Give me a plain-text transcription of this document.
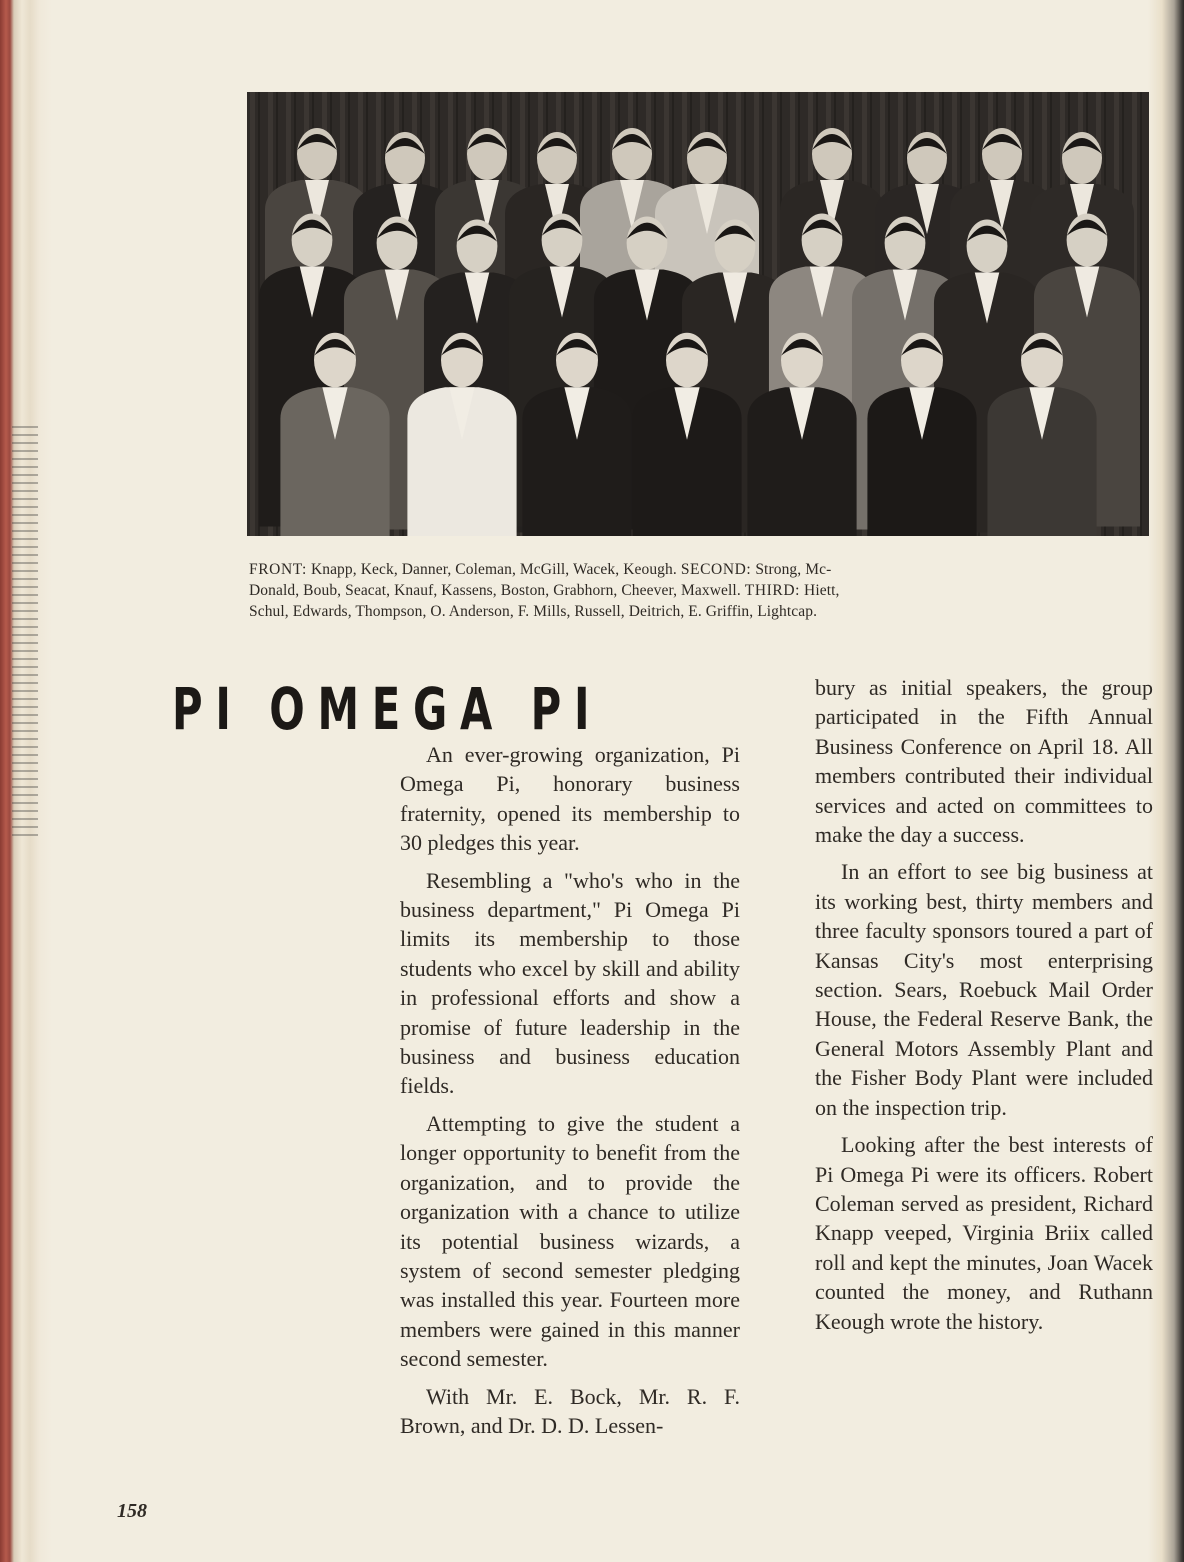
FRONT: Knapp, Keck, Danner, Coleman, McGill, Wacek, Keough. SECOND: Strong, Mc-
Donald, Boub, Seacat, Knauf, Kassens, Boston, Grabhorn, Cheever, Maxwell. THIRD: Hiett,
Schul, Edwards, Thompson, O. Anderson, F. Mills, Russell, Deitrich, E. Griffin, Lightcap.
P I O M E G A P I

An ever-growing organization, Pi Omega Pi, honorary business fraternity, opened its membership to 30 pledges this year.

Resembling a "who's who in the business department," Pi Omega Pi limits its membership to those students who excel by skill and ability in professional efforts and show a promise of future leadership in the business and business education fields.

Attempting to give the student a longer opportunity to benefit from the organization, and to provide the organization with a chance to utilize its potential business wizards, a system of second semester pledging was installed this year. Fourteen more members were gained in this manner second semester.

With Mr. E. Bock, Mr. R. F. Brown, and Dr. D. D. Lessen-

bury as initial speakers, the group participated in the Fifth Annual Business Conference on April 18. All members contributed their individual services and acted on committees to make the day a success.

In an effort to see big business at its working best, thirty members and three faculty sponsors toured a part of Kansas City's most enterprising section. Sears, Roebuck Mail Order House, the Federal Reserve Bank, the General Motors Assembly Plant and the Fisher Body Plant were included on the inspection trip.

Looking after the best interests of Pi Omega Pi were its officers. Robert Coleman served as president, Richard Knapp veeped, Virginia Briix called roll and kept the minutes, Joan Wacek counted the money, and Ruthann Keough wrote the history.

158
